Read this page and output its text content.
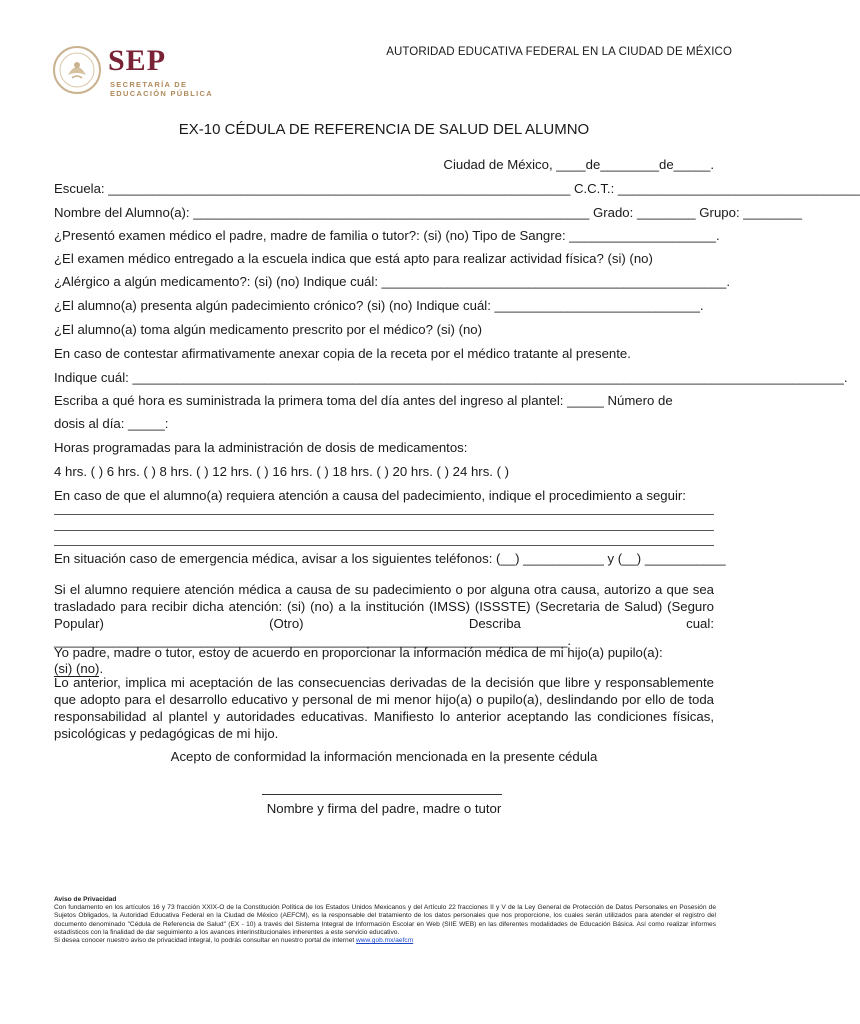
SEP
SECRETARÍA DE
EDUCACIÓN PÚBLICA
AUTORIDAD EDUCATIVA FEDERAL EN LA CIUDAD DE MÉXICO
EX-10 CÉDULA DE REFERENCIA DE SALUD DEL ALUMNO
Ciudad de México, ____de________de_____.
Escuela: _______________________________________________________________ C.C.T.: _________________________________
Nombre del Alumno(a): ______________________________________________________ Grado: ________ Grupo: ________
¿Presentó examen médico el padre, madre de familia o tutor?: (si) (no) Tipo de Sangre: ____________________.
¿El examen médico entregado a la escuela indica que está apto para realizar actividad física? (si) (no)
¿Alérgico a algún medicamento?: (si) (no) Indique cuál: _______________________________________________.
¿El alumno(a) presenta algún padecimiento crónico? (si) (no) Indique cuál: ____________________________.
¿El alumno(a) toma algún medicamento prescrito por el médico? (si) (no)
En caso de contestar afirmativamente anexar copia de la receta por el médico tratante al presente.
Indique cuál: _________________________________________________________________________________________________.
Escriba a qué hora es suministrada la primera toma del día antes del ingreso al plantel: _____ Número de
dosis al día: _____:
Horas programadas para la administración de dosis de medicamentos:
4 hrs. ( ) 6 hrs. ( ) 8 hrs. ( ) 12 hrs. ( ) 16 hrs. ( ) 18 hrs. ( ) 20 hrs. ( ) 24 hrs. ( )
En caso de que el alumno(a) requiera atención a causa del padecimiento, indique el procedimiento a seguir:
En situación caso de emergencia médica, avisar a los siguientes teléfonos: (__) ___________ y (__) ___________
Si el alumno requiere atención médica a causa de su padecimiento o por alguna otra causa, autorizo a que sea trasladado para recibir dicha atención: (si) (no) a la institución (IMSS) (ISSSTE) (Secretaria de Salud) (Seguro Popular) (Otro) Describa cual: ______________________________________________________________________.
Yo padre, madre o tutor, estoy de acuerdo en proporcionar la información médica de mi hijo(a) pupilo(a):
(si) (no).
Lo anterior, implica mi aceptación de las consecuencias derivadas de la decisión que libre y responsablemente que adopto para el desarrollo educativo y personal de mi menor hijo(a) o pupilo(a), deslindando por ello de toda responsabilidad al plantel y autoridades educativas. Manifiesto lo anterior aceptando las condiciones físicas, psicológicas y pedagógicas de mi hijo.
Acepto de conformidad la información mencionada en la presente cédula
Nombre y firma del padre, madre o tutor
Aviso de Privacidad
Con fundamento en los artículos 16 y 73 fracción XXIX-O de la Constitución Política de los Estados Unidos Mexicanos y del Artículo 22 fracciones II y V de la Ley General de Protección de Datos Personales en Posesión de Sujetos Obligados, la Autoridad Educativa Federal en la Ciudad de México (AEFCM), es la responsable del tratamiento de los datos personales que nos proporcione, los cuales serán utilizados para atender el registro del documento denominado "Cédula de Referencia de Salud" (EX - 10) a través del Sistema Integral de Información Escolar en Web (SIIE WEB) en las diferentes modalidades de Educación Básica. Así como realizar informes estadísticos con la finalidad de dar seguimiento a los avances interinstitucionales inherentes a este servicio educativo.
Si desea conocer nuestro aviso de privacidad integral, lo podrás consultar en nuestro portal de internet www.gob.mx/aefcm
